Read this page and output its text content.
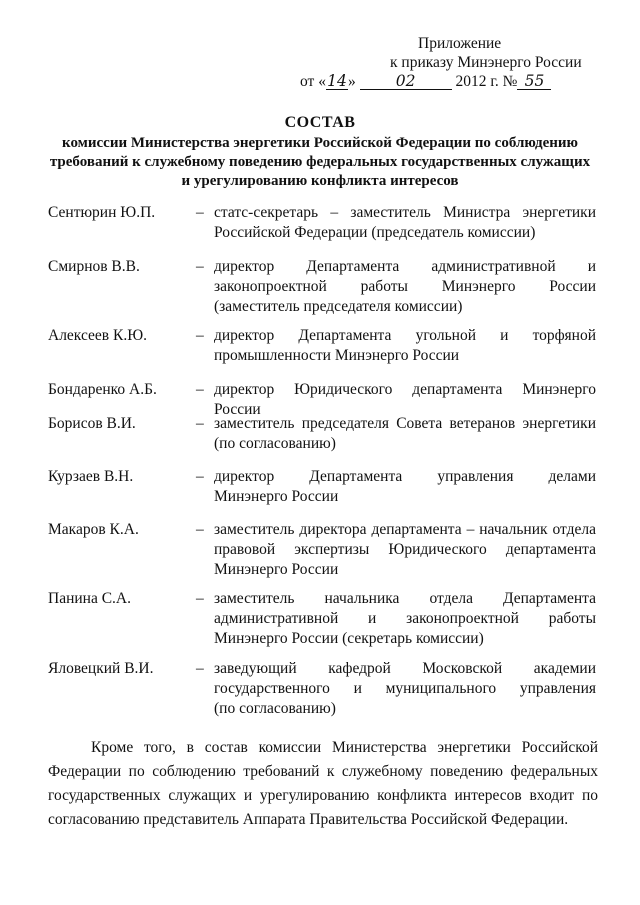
Приложение
к приказу Минэнерго России
от «14»	02	2012 г. № 55
СОСТАВ
комиссии Министерства энергетики Российской Федерации по соблюдению
требований к служебному поведению федеральных государственных служащих
и урегулированию конфликта интересов
Сентюрин Ю.П.	– статс-секретарь – заместитель Министра энергетики
Российской Федерации (председатель комиссии)
Смирнов В.В.	– директор Департамента административной и
законопроектной работы Минэнерго России
(заместитель председателя комиссии)
Алексеев К.Ю.	– директор Департамента угольной и торфяной
промышленности Минэнерго России
Бондаренко А.Б.	– директор Юридического департамента Минэнерго России
Борисов В.И.	– заместитель председателя Совета ветеранов энергетики
(по согласованию)
Курзаев В.Н.	– директор Департамента управления делами
Минэнерго России
Макаров К.А.	– заместитель директора департамента – начальник отдела
правовой экспертизы Юридического департамента
Минэнерго России
Панина С.А.	– заместитель начальника отдела Департамента
административной и законопроектной работы
Минэнерго России (секретарь комиссии)
Яловецкий В.И.	– заведующий кафедрой Московской академии
государственного и муниципального управления
(по согласованию)
Кроме того, в состав комиссии Министерства энергетики Российской
Федерации по соблюдению требований к служебному поведению федеральных
государственных служащих и урегулированию конфликта интересов входит по
согласованию представитель Аппарата Правительства Российской Федерации.
